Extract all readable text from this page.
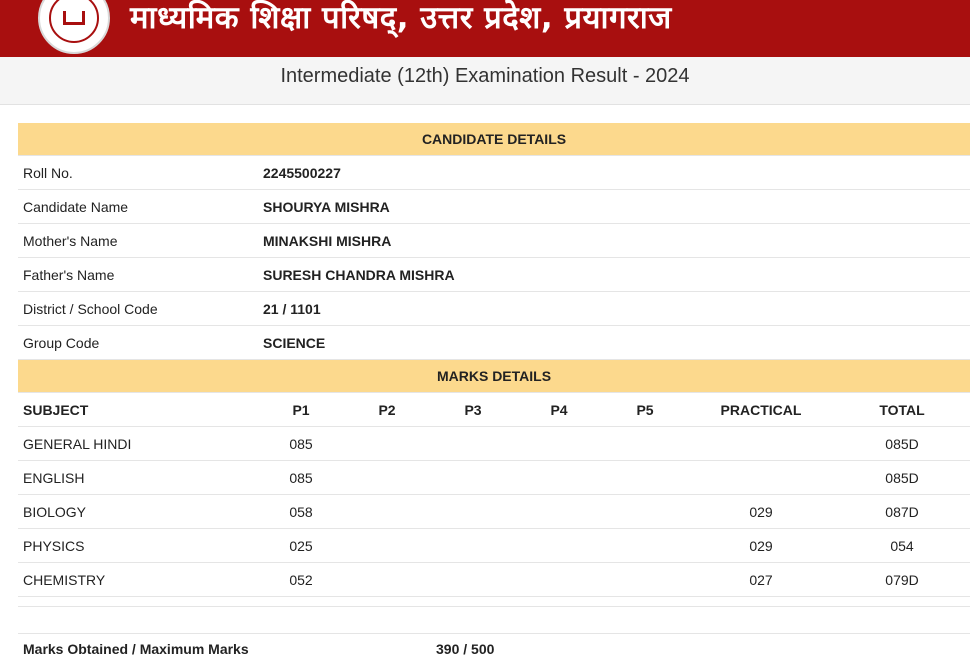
माध्यमिक शिक्षा परिषद्, उत्तर प्रदेश, प्रयागराज
Intermediate (12th) Examination Result - 2024
CANDIDATE DETAILS							
Roll No.	2245500227						
Candidate Name	SHOURYA MISHRA						
Mother's Name	MINAKSHI MISHRA						
Father's Name	SURESH CHANDRA MISHRA						
District / School Code	21 / 1101						
Group Code	SCIENCE						
MARKS DETAILS							
SUBJECT	P1	P2	P3	P4	P5	PRACTICAL	TOTAL
GENERAL HINDI	085						085D
ENGLISH	085						085D
BIOLOGY	058					029	087D
PHYSICS	025					029	054
CHEMISTRY	052					027	079D

Marks Obtained / Maximum Marks	390 / 500
